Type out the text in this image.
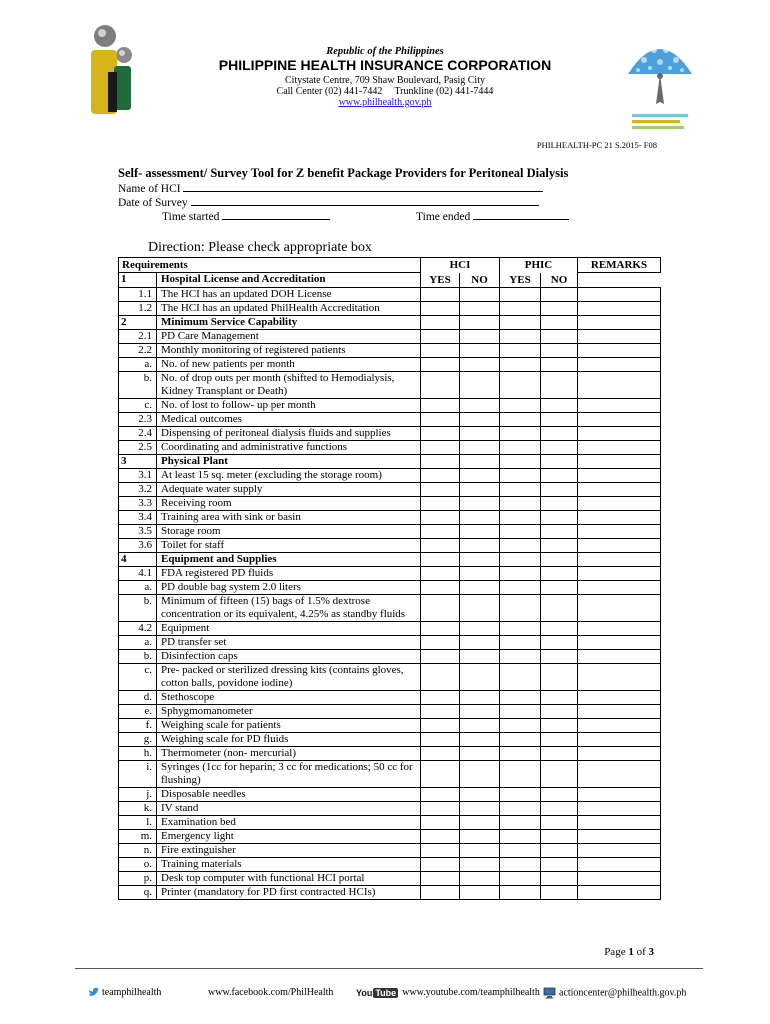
Republic of the Philippines
PHILIPPINE HEALTH INSURANCE CORPORATION
Citystate Centre, 709 Shaw Boulevard, Pasig City
Call Center (02) 441-7442 Trunkline (02) 441-7444
www.philhealth.gov.ph
PHILHEALTH-PC 21 S.2015- F08
Self- assessment/ Survey Tool for Z benefit Package Providers for Peritoneal Dialysis
Name of HCI
Date of Survey
Time started	Time ended
Direction: Please check appropriate box
Requirements		HCI		PHIC		REMARKS
1	Hospital License and Accreditation	YES	NO	YES	NO	
1.1	The HCI has an updated DOH License					
1.2	The HCI has an updated PhilHealth Accreditation					
2	Minimum Service Capability					
2.1	PD Care Management					
2.2	Monthly monitoring of registered patients					
a.	No. of new patients per month					
b.	No. of drop outs per month (shifted to Hemodialysis, Kidney Transplant or Death)					
c.	No. of lost to follow- up per month					
2.3	Medical outcomes					
2.4	Dispensing of peritoneal dialysis fluids and supplies					
2.5	Coordinating and administrative functions					
3	Physical Plant					
3.1	At least 15 sq. meter (excluding the storage room)					
3.2	Adequate water supply					
3.3	Receiving room					
3.4	Training area with sink or basin					
3.5	Storage room					
3.6	Toilet for staff					
4	Equipment and Supplies					
4.1	FDA registered PD fluids					
a.	PD double bag system 2.0 liters					
b.	Minimum of fifteen (15) bags of 1.5% dextrose concentration or its equivalent, 4.25% as standby fluids					
4.2	Equipment					
a.	PD transfer set					
b.	Disinfection caps					
c.	Pre- packed or sterilized dressing kits (contains gloves, cotton balls, povidone iodine)					
d.	Stethoscope					
e.	Sphygmomanometer					
f.	Weighing scale for patients					
g.	Weighing scale for PD fluids					
h.	Thermometer (non- mercurial)					
i.	Syringes (1cc for heparin; 3 cc for medications; 50 cc for flushing)					
j.	Disposable needles					
k.	IV stand					
l.	Examination bed					
m.	Emergency light					
n.	Fire extinguisher					
o.	Training materials					
p.	Desk top computer with functional HCI portal					
q.	Printer (mandatory for PD first contracted HCIs)					
Page 1 of 3
teamphilhealth	www.facebook.com/PhilHealth	You Tube www.youtube.com/teamphilhealth	actioncenter@philhealth.gov.ph
